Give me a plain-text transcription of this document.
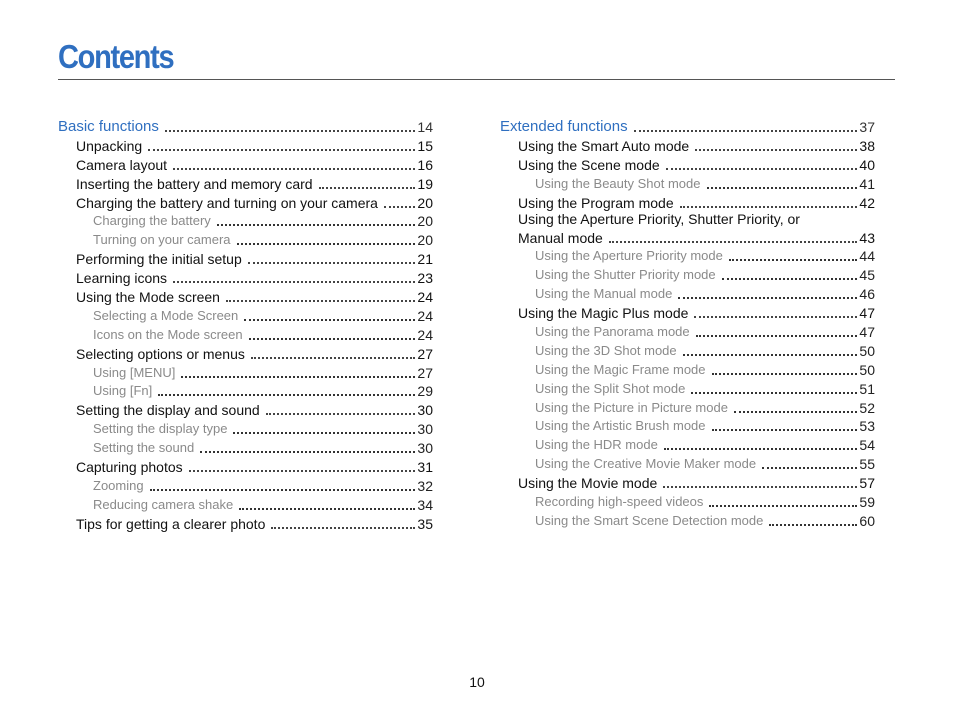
Contents
Basic functions	14
Unpacking	15
Camera layout	16
Inserting the battery and memory card	19
Charging the battery and turning on your camera	20
Charging the battery	20
Turning on your camera	20
Performing the initial setup	21
Learning icons	23
Using the Mode screen	24
Selecting a Mode Screen	24
Icons on the Mode screen	24
Selecting options or menus	27
Using [MENU]	27
Using [Fn]	29
Setting the display and sound	30
Setting the display type	30
Setting the sound	30
Capturing photos	31
Zooming	32
Reducing camera shake	34
Tips for getting a clearer photo	35
Extended functions	37
Using the Smart Auto mode	38
Using the Scene mode	40
Using the Beauty Shot mode	41
Using the Program mode	42
Using the Aperture Priority, Shutter Priority, or
Manual mode	43
Using the Aperture Priority mode	44
Using the Shutter Priority mode	45
Using the Manual mode	46
Using the Magic Plus mode	47
Using the Panorama mode	47
Using the 3D Shot mode	50
Using the Magic Frame mode	50
Using the Split Shot mode	51
Using the Picture in Picture mode	52
Using the Artistic Brush mode	53
Using the HDR mode	54
Using the Creative Movie Maker mode	55
Using the Movie mode	57
Recording high-speed videos	59
Using the Smart Scene Detection mode	60
10
